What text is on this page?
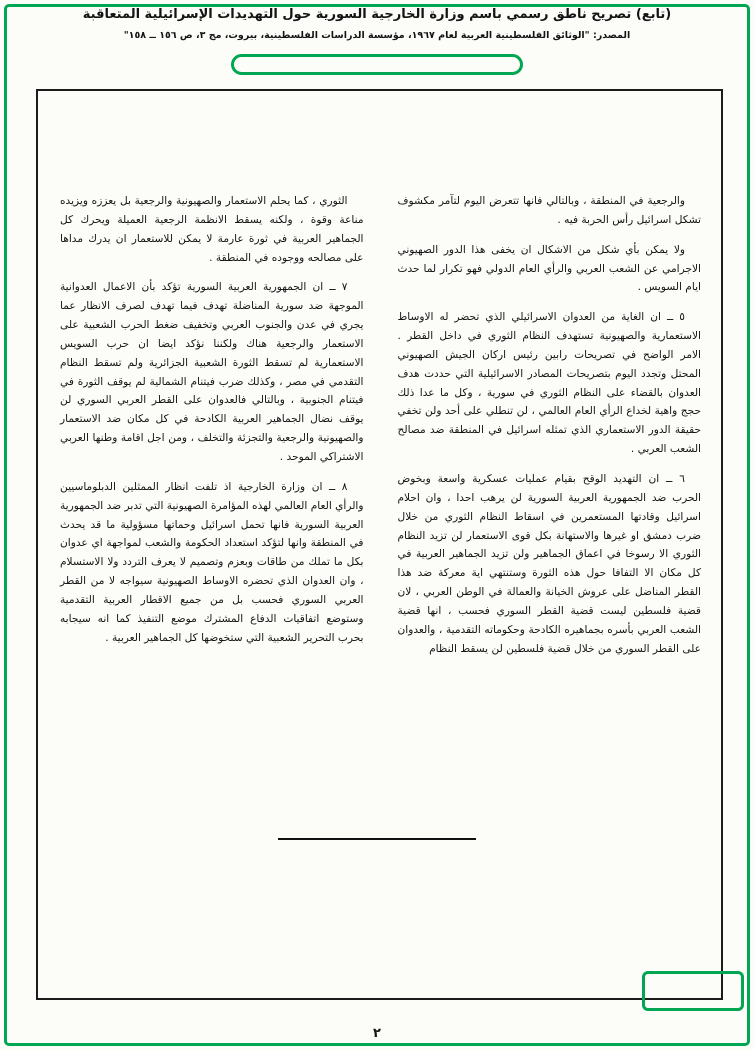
(تابع) تصريح ناطق رسمي باسم وزارة الخارجية السورية حول التهديدات الإسرائيلية المتعاقبة
المصدر: "الوثائق الفلسطينية العربية لعام ١٩٦٧، مؤسسة الدراسات الفلسطينية، بيروت، مج ٣، ص ١٥٦ ــ ١٥٨"

والرجعية في المنطقة ، وبالتالي فانها تتعرض اليوم لتآمر مكشوف تشكل اسرائيل رأس الحربة فيه .

ولا يمكن بأي شكل من الاشكال ان يخفى هذا الدور الصهيوني الاجرامي عن الشعب العربي والرأي العام الدولي فهو تكرار لما حدث ايام السويس .

٥ ــ ان الغاية من العدوان الاسرائيلي الذي تحضر له الاوساط الاستعمارية والصهيونية تستهدف النظام الثوري في داخل القطر . الامر الواضح في تصريحات رابين رئيس اركان الجيش الصهيوني المحتل وتجدد اليوم بتصريحات المصادر الاسرائيلية التي حددت هدف العدوان بالقضاء على النظام الثوري في سورية ، وكل ما عدا ذلك حجج واهية لخداع الرأي العام العالمي ، لن تنطلي على أحد ولن تخفي حقيقة الدور الاستعماري الذي تمثله اسرائيل في المنطقة ضد مصالح الشعب العربي .

٦ ــ ان التهديد الوقح بقيام عمليات عسكرية واسعة وبخوض الحرب ضد الجمهورية العربية السورية لن يرهب احدا ، وان احلام اسرائيل وقادتها المستعمرين في اسقاط النظام الثوري من خلال ضرب دمشق او غيرها والاستهانة بكل قوى الاستعمار لن تزيد النظام الثوري الا رسوخا في اعماق الجماهير ولن تزيد الجماهير العربية في كل مكان الا التفافا حول هذه الثورة وستنتهي اية معركة ضد هذا القطر المناضل على عروش الخيانة والعمالة في الوطن العربي ، لان قضية فلسطين ليست قضية القطر السوري فحسب ، انها قضية الشعب العربي بأسره بجماهيره الكادحة وحكوماته التقدمية ، والعدوان على القطر السوري من خلال قضية فلسطين لن يسقط النظام

الثوري ، كما يحلم الاستعمار والصهيونية والرجعية بل يعززه ويزيده مناعة وقوة ، ولكنه يسقط الانظمة الرجعية العميلة ويحرك كل الجماهير العربية في ثورة عارمة لا يمكن للاستعمار ان يدرك مداها على مصالحه ووجوده في المنطقة .

٧ ــ ان الجمهورية العربية السورية تؤكد بأن الاعمال العدوانية الموجهة ضد سورية المناضلة تهدف فيما تهدف لصرف الانظار عما يجري في عدن والجنوب العربي وتخفيف ضغط الحرب الشعبية على الاستعمار والرجعية هناك ولكننا نؤكد ايضا ان حرب السويس الاستعمارية لم تسقط الثورة الشعبية الجزائرية ولم تسقط النظام التقدمي في مصر ، وكذلك ضرب فيتنام الشمالية لم يوقف الثورة في فيتنام الجنوبية ، وبالتالي فالعدوان على القطر العربي السوري لن يوقف نضال الجماهير العربية الكادحة في كل مكان ضد الاستعمار والصهيونية والرجعية والتجزئة والتخلف ، ومن اجل اقامة وطنها العربي الاشتراكي الموحد .

٨ ــ ان وزارة الخارجية اذ تلفت انظار الممثلين الدبلوماسيين والرأي العام العالمي لهذه المؤامرة الصهيونية التي تدبر ضد الجمهورية العربية السورية فانها تحمل اسرائيل وحماتها مسؤولية ما قد يحدث في المنطقة وانها لتؤكد استعداد الحكومة والشعب لمواجهة اي عدوان بكل ما تملك من طاقات وبعزم وتصميم لا يعرف التردد ولا الاستسلام ، وان العدوان الذي تحضره الاوساط الصهيونية سيواجه لا من القطر العربي السوري فحسب بل من جميع الاقطار العربية التقدمية وستوضع اتفاقيات الدفاع المشترك موضع التنفيذ كما انه سيجابه بحرب التحرير الشعبية التي ستخوضها كل الجماهير العربية .

٢
